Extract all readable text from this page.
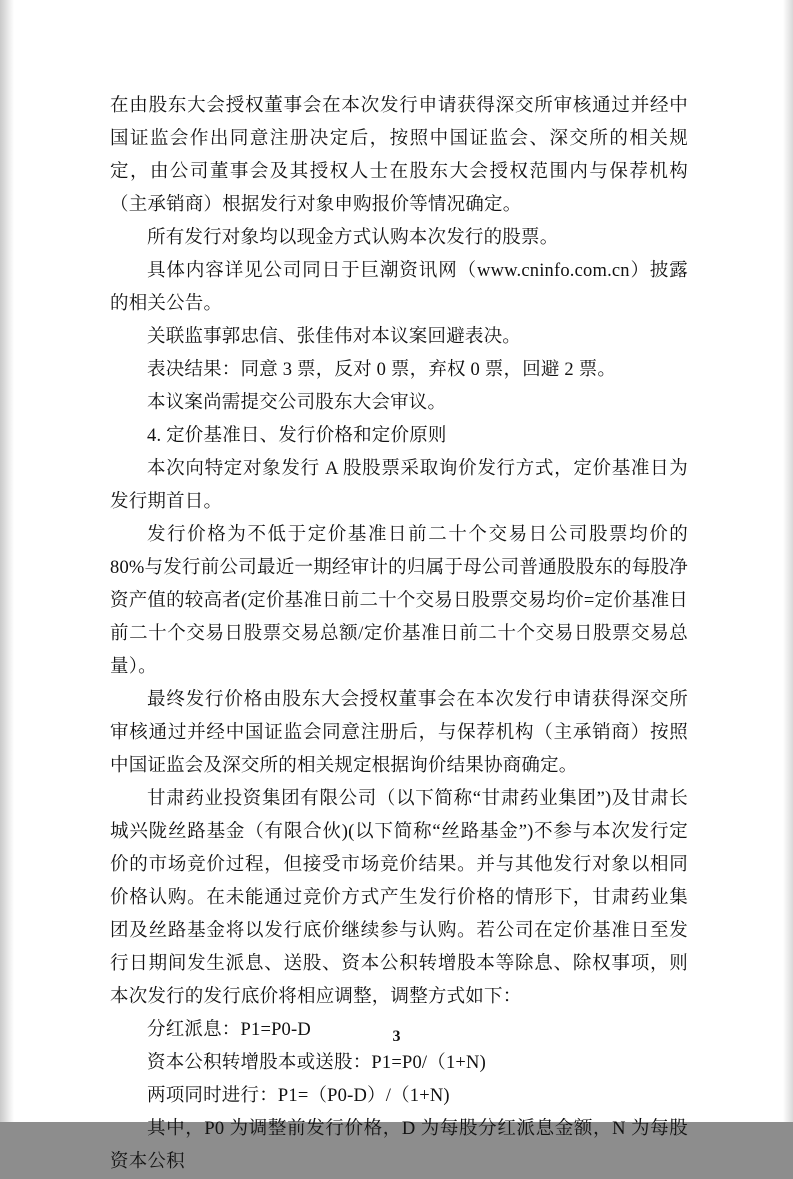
在由股东大会授权董事会在本次发行申请获得深交所审核通过并经中国证监会作出同意注册决定后，按照中国证监会、深交所的相关规定，由公司董事会及其授权人士在股东大会授权范围内与保荐机构（主承销商）根据发行对象申购报价等情况确定。

所有发行对象均以现金方式认购本次发行的股票。

具体内容详见公司同日于巨潮资讯网（www.cninfo.com.cn）披露的相关公告。

关联监事郭忠信、张佳伟对本议案回避表决。

表决结果：同意 3 票，反对 0 票，弃权 0 票，回避 2 票。

本议案尚需提交公司股东大会审议。

4. 定价基准日、发行价格和定价原则

本次向特定对象发行 A 股股票采取询价发行方式，定价基准日为发行期首日。

发行价格为不低于定价基准日前二十个交易日公司股票均价的 80%与发行前公司最近一期经审计的归属于母公司普通股股东的每股净资产值的较高者(定价基准日前二十个交易日股票交易均价=定价基准日前二十个交易日股票交易总额/定价基准日前二十个交易日股票交易总量）。

最终发行价格由股东大会授权董事会在本次发行申请获得深交所审核通过并经中国证监会同意注册后，与保荐机构（主承销商）按照中国证监会及深交所的相关规定根据询价结果协商确定。

甘肃药业投资集团有限公司（以下简称“甘肃药业集团”)及甘肃长城兴陇丝路基金（有限合伙)(以下简称“丝路基金”)不参与本次发行定价的市场竞价过程，但接受市场竞价结果。并与其他发行对象以相同价格认购。在未能通过竞价方式产生发行价格的情形下，甘肃药业集团及丝路基金将以发行底价继续参与认购。若公司在定价基准日至发行日期间发生派息、送股、资本公积转增股本等除息、除权事项，则本次发行的发行底价将相应调整，调整方式如下：

分红派息：P1=P0-D

资本公积转增股本或送股：P1=P0/（1+N)

两项同时进行：P1=（P0-D）/（1+N)

其中，P0 为调整前发行价格，D 为每股分红派息金额，N 为每股资本公积

3
